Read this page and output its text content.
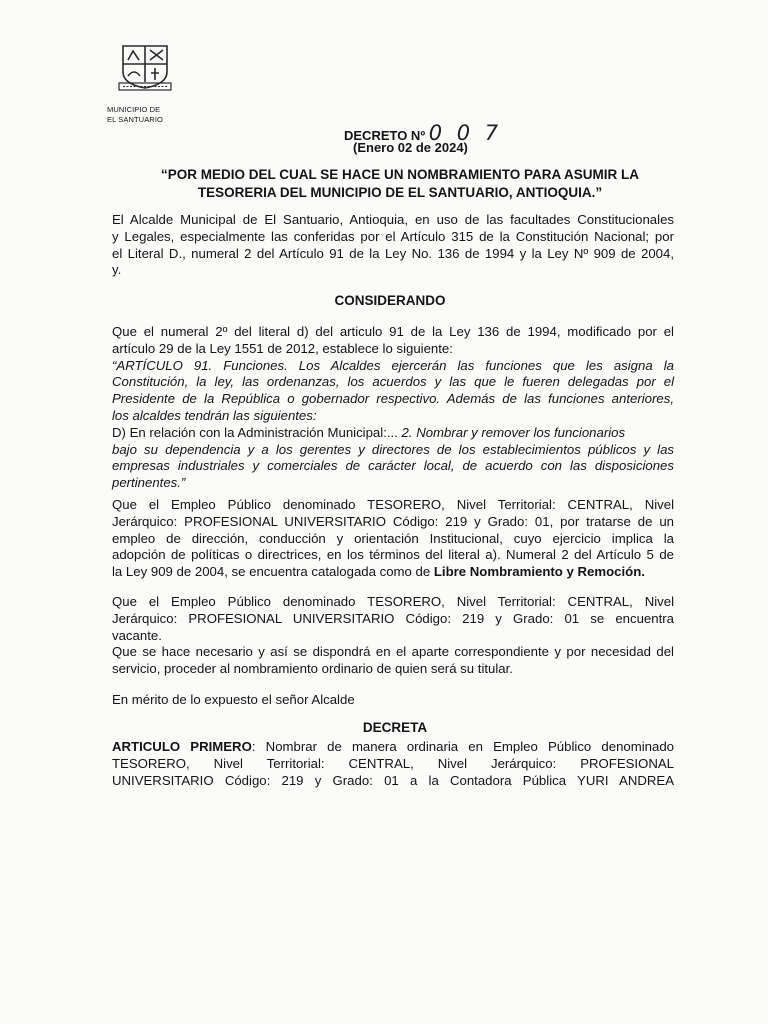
MUNICIPIO DE
EL SANTUARIO
DECRETO Nº 0 0 7
(Enero 02 de 2024)
“POR MEDIO DEL CUAL SE HACE UN NOMBRAMIENTO PARA ASUMIR LA
TESORERIA DEL MUNICIPIO DE EL SANTUARIO, ANTIOQUIA.”
El Alcalde Municipal de El Santuario, Antioquia, en uso de las facultades Constitucionales
y Legales, especialmente las conferidas por el Artículo 315 de la Constitución Nacional; por
el Literal D., numeral 2 del Artículo 91 de la Ley No. 136 de 1994 y la Ley Nº 909 de 2004,
y.
CONSIDERANDO
Que el numeral 2º del literal d) del articulo 91 de la Ley 136 de 1994, modificado por el
artículo 29 de la Ley 1551 de 2012, establece lo siguiente:
“ARTÍCULO 91. Funciones. Los Alcaldes ejercerán las funciones que les asigna la
Constitución, la ley, las ordenanzas, los acuerdos y las que le fueren delegadas por el
Presidente de la República o gobernador respectivo. Además de las funciones anteriores,
los alcaldes tendrán las siguientes:
D) En relación con la Administración Municipal:... 2. Nombrar y remover los funcionarios
bajo su dependencia y a los gerentes y directores de los establecimientos públicos y las
empresas industriales y comerciales de carácter local, de acuerdo con las disposiciones
pertinentes.”
Que el Empleo Público denominado TESORERO, Nivel Territorial: CENTRAL, Nivel
Jerárquico: PROFESIONAL UNIVERSITARIO Código: 219 y Grado: 01, por tratarse de un
empleo de dirección, conducción y orientación Institucional, cuyo ejercicio implica la
adopción de políticas o directrices, en los términos del literal a). Numeral 2 del Artículo 5 de
la Ley 909 de 2004, se encuentra catalogada como de Libre Nombramiento y Remoción.
Que el Empleo Público denominado TESORERO, Nivel Territorial: CENTRAL, Nivel
Jerárquico: PROFESIONAL UNIVERSITARIO Código: 219 y Grado: 01 se encuentra
vacante.
Que se hace necesario y así se dispondrá en el aparte correspondiente y por necesidad del
servicio, proceder al nombramiento ordinario de quien será su titular.
En mérito de lo expuesto el señor Alcalde
DECRETA
ARTICULO PRIMERO: Nombrar de manera ordinaria en Empleo Público denominado
TESORERO, Nivel Territorial: CENTRAL, Nivel Jerárquico: PROFESIONAL
UNIVERSITARIO Código: 219 y Grado: 01 a la Contadora Pública YURI ANDREA
